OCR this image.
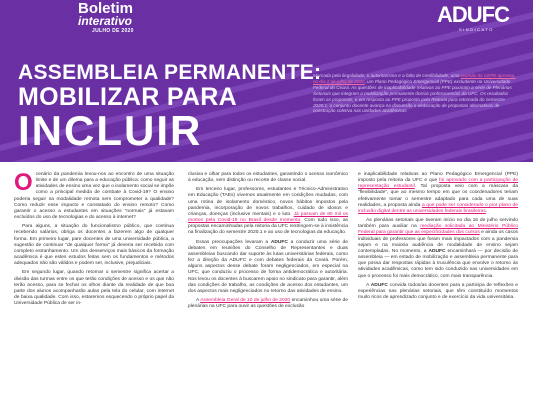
Boletim
interativo
JULHO DE 2020
ADUFC
SINDICATO
ASSEMBLEIA PERMANENTE:
MOBILIZAR PARA
INCLUIR
Marcada pela ilegalidade, o autoritarismo e a falta de credibilidade, uma reunião do CEPE aprovou, no dia 2 de julho de 2020, um Plano Pedagógico Emergencial (PPE) excludente na Universidade Federal do Ceará. As questões de inaplicabilidade relativas ao PPE puxaram a série de Plenárias Setoriais que integram a mobilização permanente dos/as professores/as da UFC. Os resultados foram as propostas, e em resposta ao PPE proposto pela Reitoria para retomada do semestre 2020.1, o conjunto docente avança na discussão e elaboração de propostas alternativas de construção coletiva nas unidades acadêmicas

O cenário da pandemia levou-nos ao encontro de uma situação limite e de um dilema para a educação pública: como seguir as atividades de ensino uma vez que o isolamento social se impõe como a principal medida de combate à Covid-19? O ensino poderia seguir na modalidade remota sem comprometer a qualidade? Como reduzir esse impacto e constatado do ensino remoto? Como garantir o acesso a estudantes em situações "normais" já estavam excluídos do uso de tecnologias e do acesso à internet?

Para alguns, a situação do funcionalismo público, que continua recebendo salários, obriga os docentes a fazerem algo de qualquer forma. Em primeiro lugar, pare docentes de uma universidade pública, a sugestão de continuar "de qualquer forma" já deveria ser recebida com completo estranhamento. Um dos desserviços mais básicos da formação acadêmica é que estes estudos feitas sem os fundamentos e métodos adequados não são válidos e podem ser, inclusive, prejudiciais.

Em segundo lugar, quando retornar o semestre significa acertar a divisão das turmas entre os que terão condições de acesso e os que não terão acesso, para se fechar os olhos diante da realidade de que boa parte dos alunos acompanharão aulas pela tela do celular, com internet de baixa qualidade. Com isso, estaremos esquecendo o próprio papel da Universidade Pública de ser in-

clusiva e olhar para todos os estudantes, garantindo o acesso isonômico à educação, sem distinção ou recorte de classe social.

Em terceiro lugar, professores, estudantes e Técnico-Administrativo em Educação (TAEs) vivemos atualmente em condições mudadas, com uma rotina de isolamento doméstico, novos hábitos impostos pela pandemia, incorporação de novos trabalhos, cuidado de idosos e crianças, doenças (inclusive mentais) e o luto. Já passam de 80 mil os mortos pela Covid-19 no Brasil desde momento. Com tudo isso, as propostas encaminhadas pela reitoria da UFC restringem-se à insistência na finalização do semestre 2020.1 e ao uso de tecnologias da educação.

Essas preocupações levaram a ADUFC a conduzir uma série de debates em reuniões do Conselho de Representantes e duas assembleias buscando dar suporte às lutas universitárias federais, como fez a direção da ADUFC e com debates federais da Ceará. Porém, alguns aspectos desse debate foram negligenciados, em especial na UFC, que conduziu o processo de forma antidemocrática e autoritária. Nos levou os docentes à buscarem apoio no sindicato para garantir, além das condições de trabalho, as condições de acesso dos estudantes, um dos aspectos mais negligenciados no retorno das atividades de ensino.

A Assembleia Geral de 10 de julho de 2020 encaminhou uma série de plenárias na UFC para ouvir as questões de exclusão

e inaplicabilidade relativas ao Plano Pedagógico Emergencial (PPE) imposto pela reitoria da UFC e que foi aprovado com a participação de representação estudantil. Tal proposta veio com a máscara da "flexibilidade", que ao mesmo tempo em que os coordenadores teriam efetivamente tomar o semestre adaptado para cada uma de suas realidades, a proposta ainda a que pode ser considerado o pior plano de inclusão digital dentre as universidades federais brasileiras.

As plenárias setoriais que tiveram início no dia 16 de julho servindo também para auxiliar na mediação solicitada ao Ministério Público Federal para garantir que as especificidades dos cursos e ainda os casos individuais de professores que foram mais impactados com a pandemia sejam e na maioria audiência de modalidade de ensino sejam contempladas. No momento, a ADUFC encaminhará — por decisão de assembleia — em estado de mobilização e assembleia permanente para que possa dar respostas rápidas à truculência que envolve o retorno às atividades acadêmicas, como tem sido conduzido nas universidades em que o processo foi mais democrático, com mais transparência.

A ADUFC convida todos/as docentes para a participa de reflexões e experiências nas plenárias setoriais, que têm constituído momentos muito ricos de aprendizado conjunto e de exercício da vida universitária.
